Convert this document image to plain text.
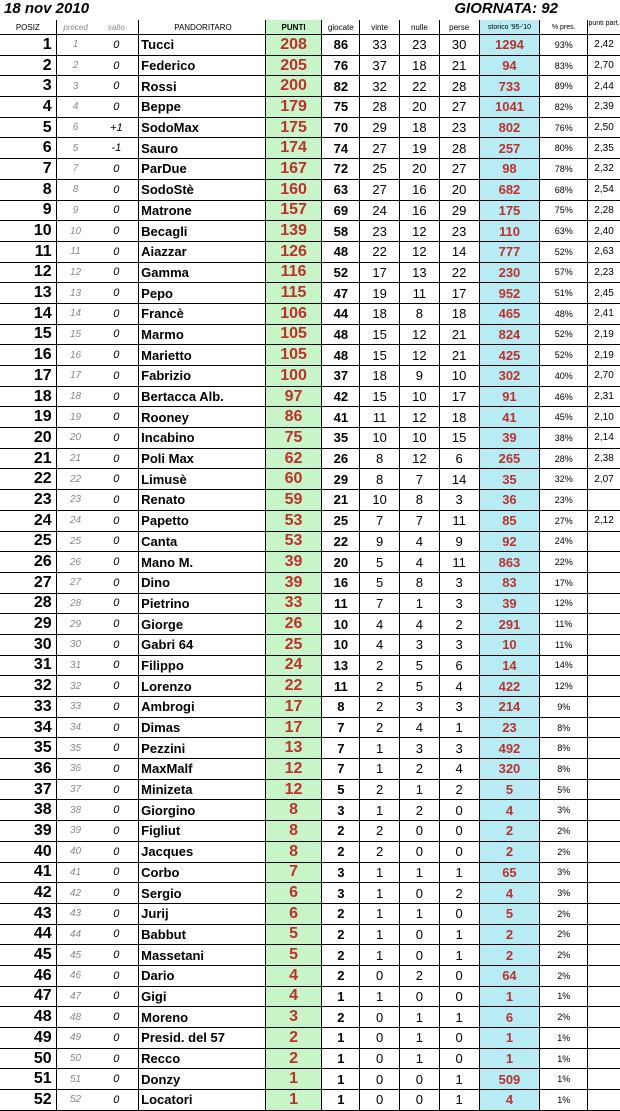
18 nov 2010	GIORNATA: 92
POSIZ	preced	salto	PANDORITARO	PUNTI	giocate	vinte	nulle	perse	storico '95-'10	% pres.	punti part.
1	1	0	Tucci	208	86	33	23	30	1294	93%	2,42
2	2	0	Federico	205	76	37	18	21	94	83%	2,70
3	3	0	Rossi	200	82	32	22	28	733	89%	2,44
4	4	0	Beppe	179	75	28	20	27	1041	82%	2,39
5	6	+1	SodoMax	175	70	29	18	23	802	76%	2,50
6	5	-1	Sauro	174	74	27	19	28	257	80%	2,35
7	7	0	ParDue	167	72	25	20	27	98	78%	2,32
8	8	0	SodoStè	160	63	27	16	20	682	68%	2,54
9	9	0	Matrone	157	69	24	16	29	175	75%	2,28
10	10	0	Becagli	139	58	23	12	23	110	63%	2,40
11	11	0	Aiazzar	126	48	22	12	14	777	52%	2,63
12	12	0	Gamma	116	52	17	13	22	230	57%	2,23
13	13	0	Pepo	115	47	19	11	17	952	51%	2,45
14	14	0	Francè	106	44	18	8	18	465	48%	2,41
15	15	0	Marmo	105	48	15	12	21	824	52%	2,19
16	16	0	Marietto	105	48	15	12	21	425	52%	2,19
17	17	0	Fabrizio	100	37	18	9	10	302	40%	2,70
18	18	0	Bertacca Alb.	97	42	15	10	17	91	46%	2,31
19	19	0	Rooney	86	41	11	12	18	41	45%	2,10
20	20	0	Incabino	75	35	10	10	15	39	38%	2,14
21	21	0	Poli Max	62	26	8	12	6	265	28%	2,38
22	22	0	Limusè	60	29	8	7	14	35	32%	2,07
23	23	0	Renato	59	21	10	8	3	36	23%	
24	24	0	Papetto	53	25	7	7	11	85	27%	2,12
25	25	0	Canta	53	22	9	4	9	92	24%	
26	26	0	Mano M.	39	20	5	4	11	863	22%	
27	27	0	Dino	39	16	5	8	3	83	17%	
28	28	0	Pietrino	33	11	7	1	3	39	12%	
29	29	0	Giorge	26	10	4	4	2	291	11%	
30	30	0	Gabri 64	25	10	4	3	3	10	11%	
31	31	0	Filippo	24	13	2	5	6	14	14%	
32	32	0	Lorenzo	22	11	2	5	4	422	12%	
33	33	0	Ambrogi	17	8	2	3	3	214	9%	
34	34	0	Dimas	17	7	2	4	1	23	8%	
35	35	0	Pezzini	13	7	1	3	3	492	8%	
36	36	0	MaxMalf	12	7	1	2	4	320	8%	
37	37	0	Minizeta	12	5	2	1	2	5	5%	
38	38	0	Giorgino	8	3	1	2	0	4	3%	
39	39	0	Figliut	8	2	2	0	0	2	2%	
40	40	0	Jacques	8	2	2	0	0	2	2%	
41	41	0	Corbo	7	3	1	1	1	65	3%	
42	42	0	Sergio	6	3	1	0	2	4	3%	
43	43	0	Jurij	6	2	1	1	0	5	2%	
44	44	0	Babbut	5	2	1	0	1	2	2%	
45	45	0	Massetani	5	2	1	0	1	2	2%	
46	46	0	Dario	4	2	0	2	0	64	2%	
47	47	0	Gigi	4	1	1	0	0	1	1%	
48	48	0	Moreno	3	2	0	1	1	6	2%	
49	49	0	Presid. del 57	2	1	0	1	0	1	1%	
50	50	0	Recco	2	1	0	1	0	1	1%	
51	51	0	Donzy	1	1	0	0	1	509	1%	
52	52	0	Locatori	1	1	0	0	1	4	1%	
